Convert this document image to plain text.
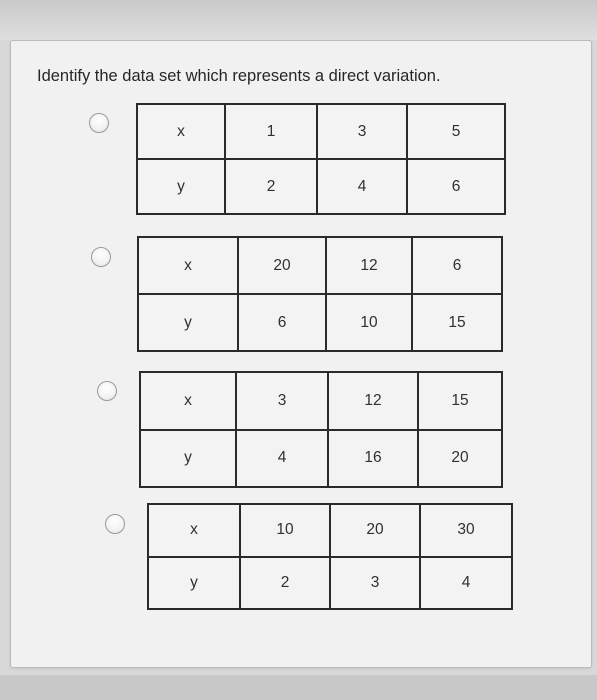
Identify the data set which represents a direct variation.
x	1	3	5
y	2	4	6
x	20	12	6
y	6	10	15
x	3	12	15
y	4	16	20
x	10	20	30
y	2	3	4
